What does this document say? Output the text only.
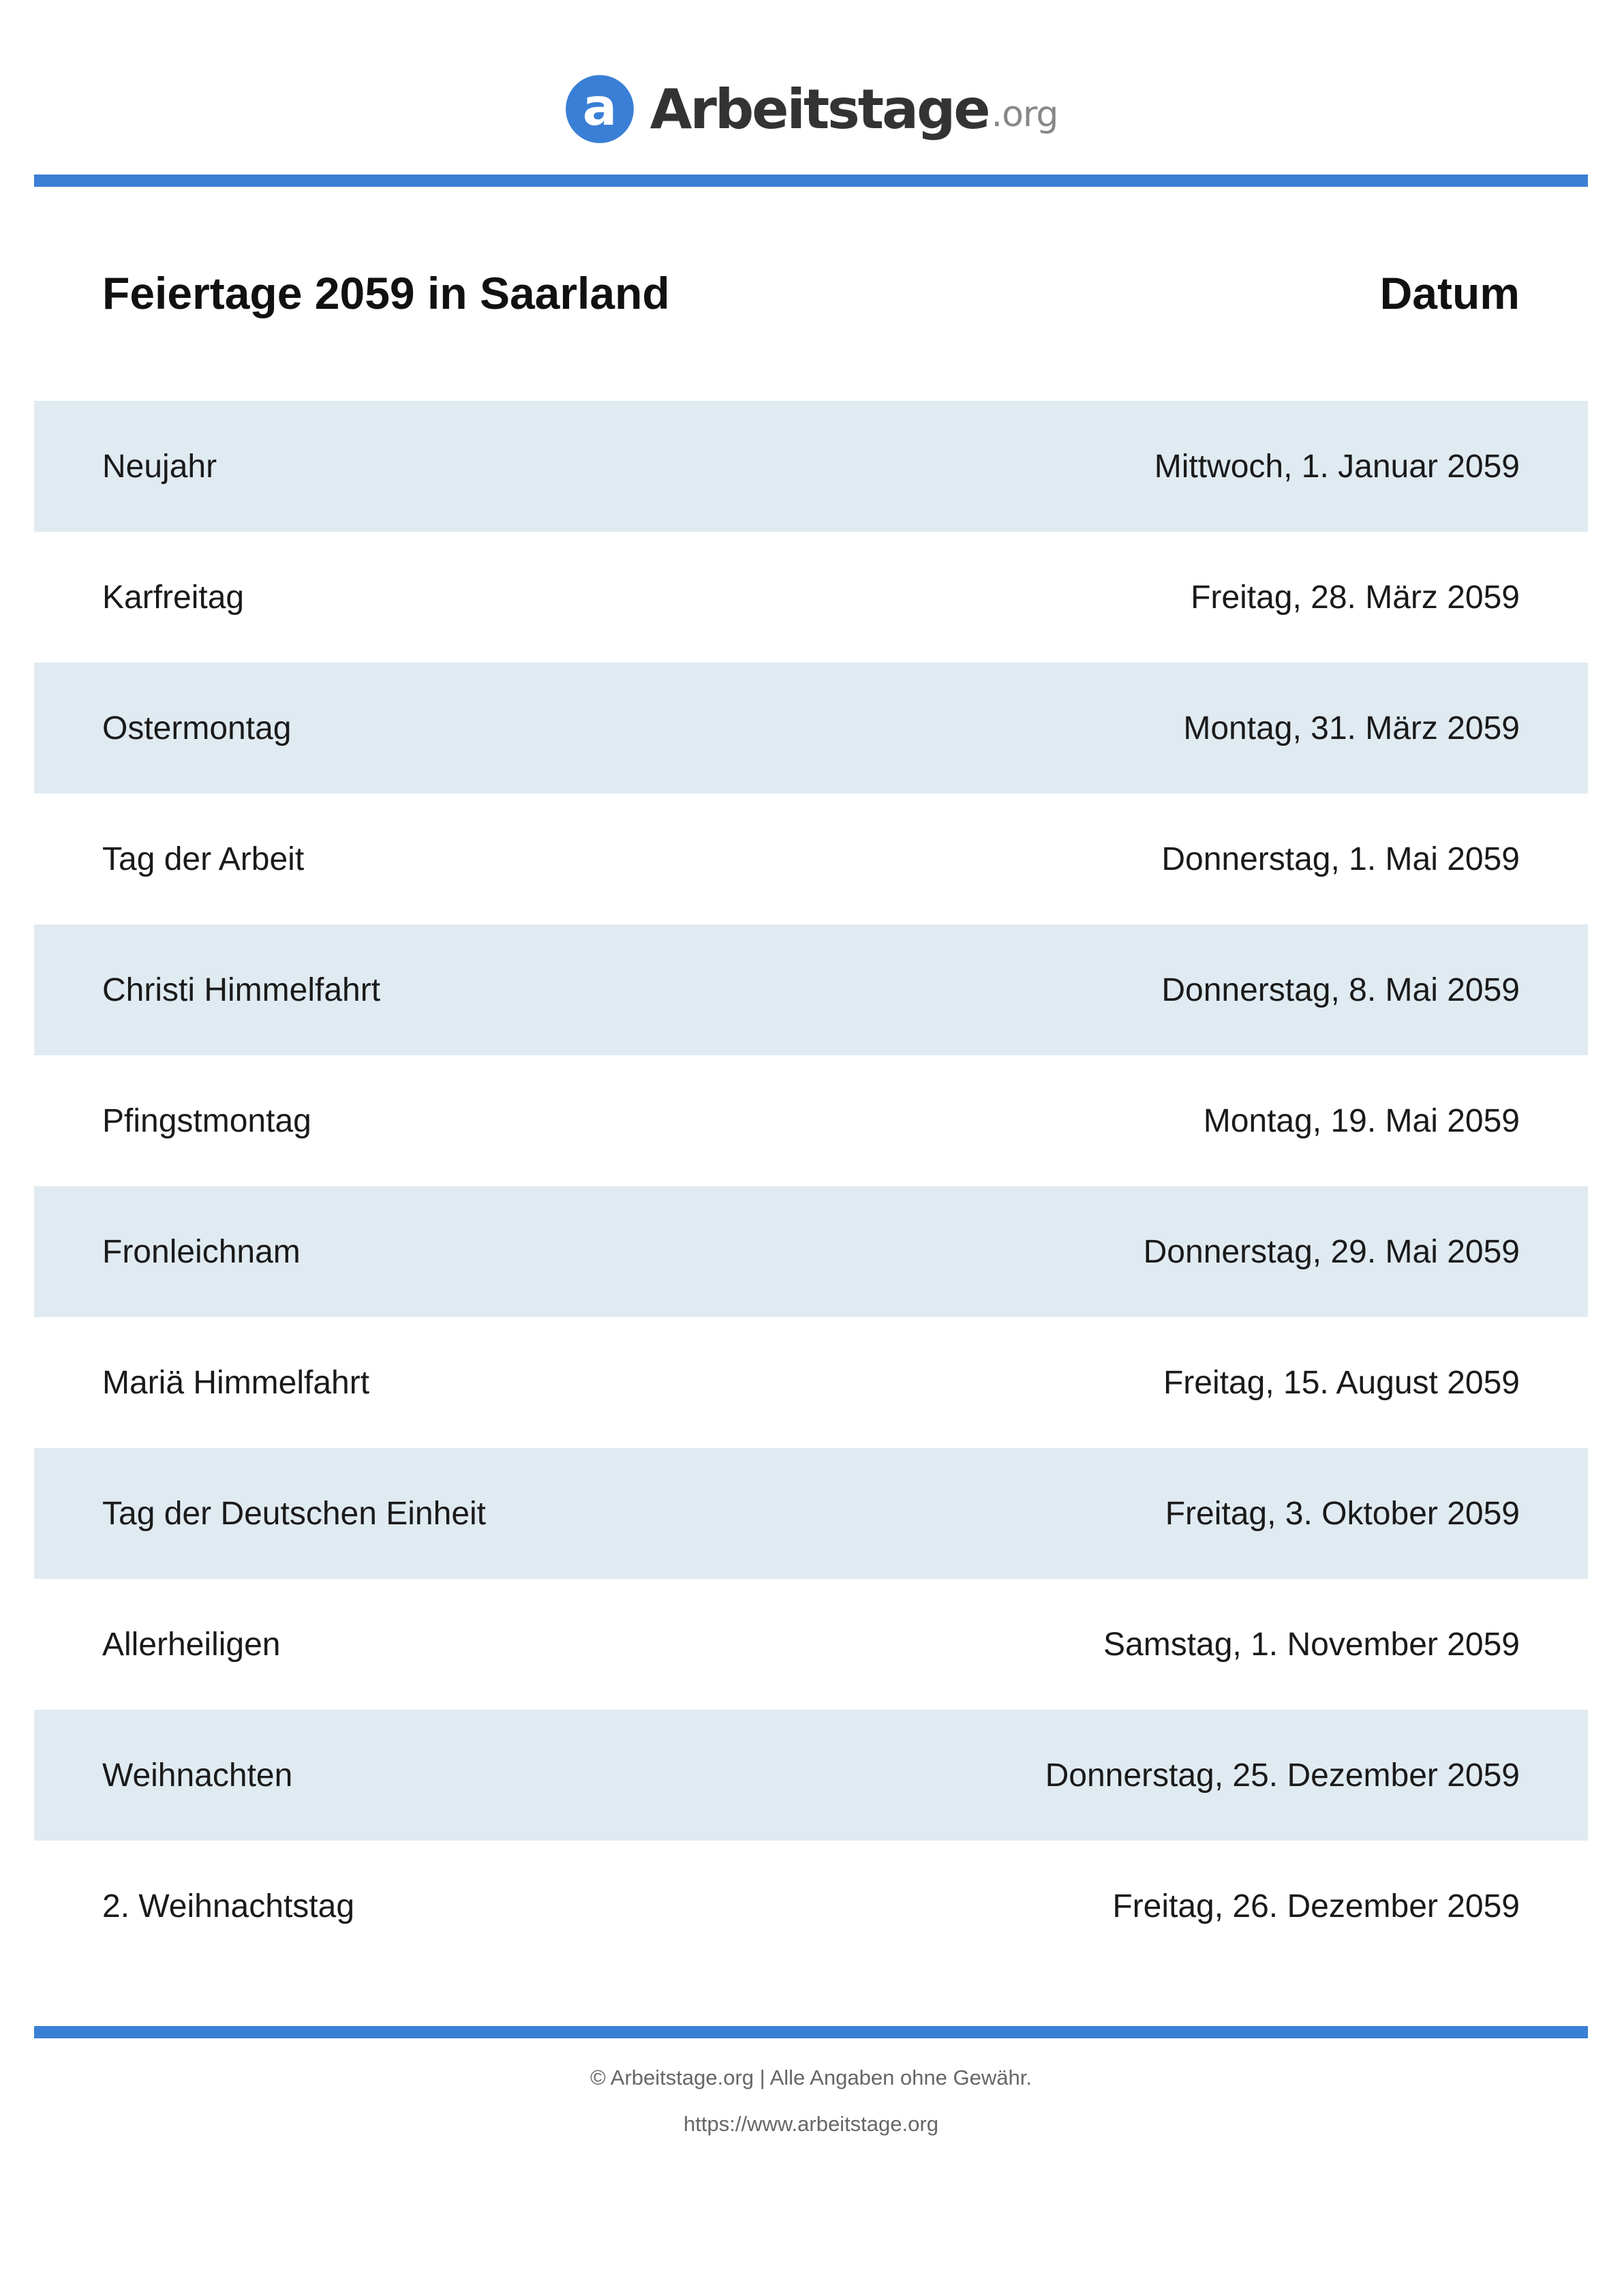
a Arbeitstage .org
Feiertage 2059 in Saarland	Datum
Neujahr	Mittwoch, 1. Januar 2059
Karfreitag	Freitag, 28. März 2059
Ostermontag	Montag, 31. März 2059
Tag der Arbeit	Donnerstag, 1. Mai 2059
Christi Himmelfahrt	Donnerstag, 8. Mai 2059
Pfingstmontag	Montag, 19. Mai 2059
Fronleichnam	Donnerstag, 29. Mai 2059
Mariä Himmelfahrt	Freitag, 15. August 2059
Tag der Deutschen Einheit	Freitag, 3. Oktober 2059
Allerheiligen	Samstag, 1. November 2059
Weihnachten	Donnerstag, 25. Dezember 2059
2. Weihnachtstag	Freitag, 26. Dezember 2059
© Arbeitstage.org | Alle Angaben ohne Gewähr.
https://www.arbeitstage.org
